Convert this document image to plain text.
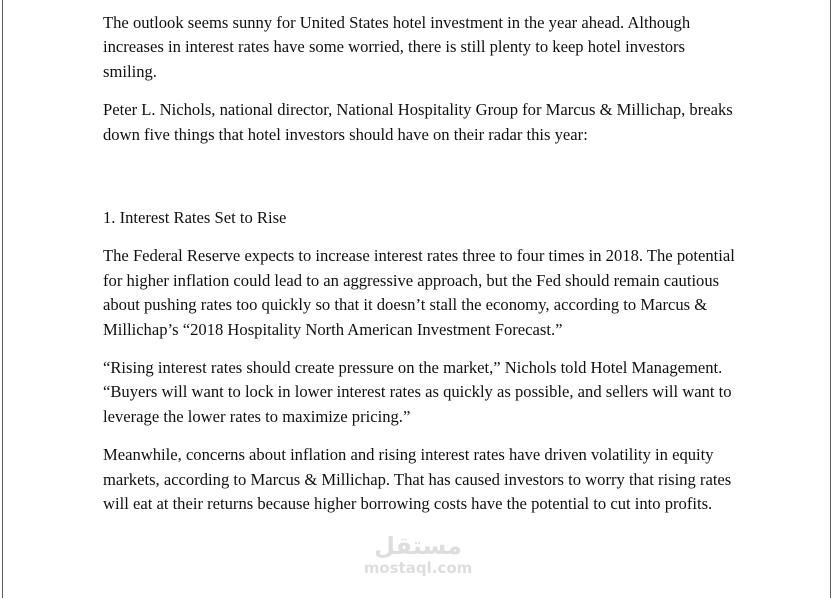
The outlook seems sunny for United States hotel investment in the year ahead. Although increases in interest rates have some worried, there is still plenty to keep hotel investors smiling.

Peter L. Nichols, national director, National Hospitality Group for Marcus & Millichap, breaks down five things that hotel investors should have on their radar this year:

1. Interest Rates Set to Rise

The Federal Reserve expects to increase interest rates three to four times in 2018. The potential for higher inflation could lead to an aggressive approach, but the Fed should remain cautious about pushing rates too quickly so that it doesn’t stall the economy, according to Marcus & Millichap’s “2018 Hospitality North American Investment Forecast.”

“Rising interest rates should create pressure on the market,” Nichols told Hotel Management. “Buyers will want to lock in lower interest rates as quickly as possible, and sellers will want to leverage the lower rates to maximize pricing.”

Meanwhile, concerns about inflation and rising interest rates have driven volatility in equity markets, according to Marcus & Millichap. That has caused investors to worry that rising rates will eat at their returns because higher borrowing costs have the potential to cut into profits.

مستقل
mostaql.com
